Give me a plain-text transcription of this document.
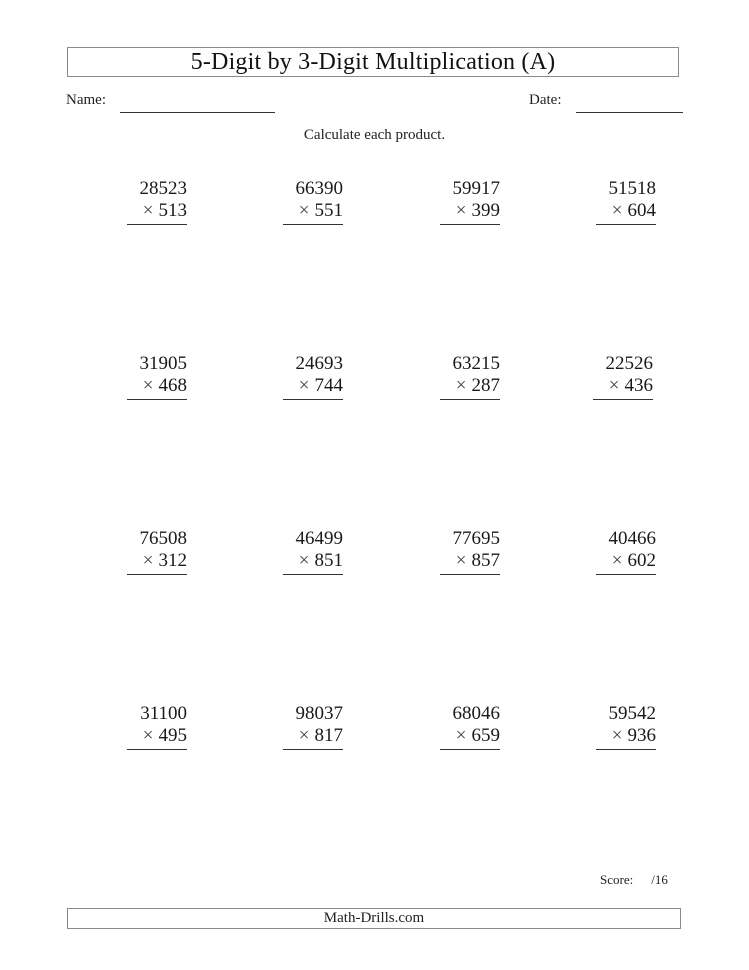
5-Digit by 3-Digit Multiplication (A)
Name:	Date:
Calculate each product.
28523
× 513
66390
× 551
59917
× 399
51518
× 604
31905
× 468
24693
× 744
63215
× 287
22526
× 436
76508
× 312
46499
× 851
77695
× 857
40466
× 602
31100
× 495
98037
× 817
68046
× 659
59542
× 936
Score: /16
Math-Drills.com
